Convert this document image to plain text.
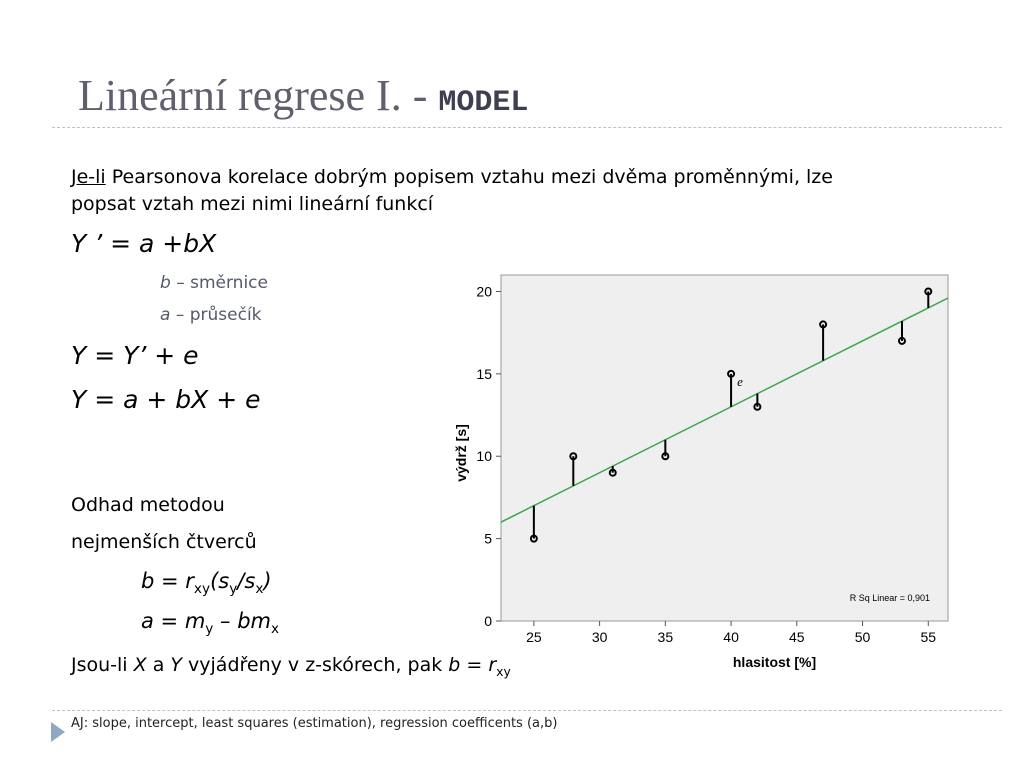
Lineární regrese I. - MODEL
Je-li Pearsonova korelace dobrým popisem vztahu mezi dvěma proměnnými, lze
popsat vztah mezi nimi lineární funkcí
Y ’ = a +bX
b – směrnice
a – průsečík
Y = Y’ + e
Y = a + bX + e
Odhad metodou
nejmenších čtverců
$b = r_{xy}(s_y/s_x)$
$a = m_y - bm_x$
Jsou-li X a Y vyjádřeny v z-skórech, pak $b = r_{xy}$
0
5
10
15
20
25	30	35	40	45	50	55
hlasitost [%]
výdrž [s]
e
R Sq Linear = 0,901
AJ: slope, intercept, least squares (estimation), regression coefficents (a,b)
